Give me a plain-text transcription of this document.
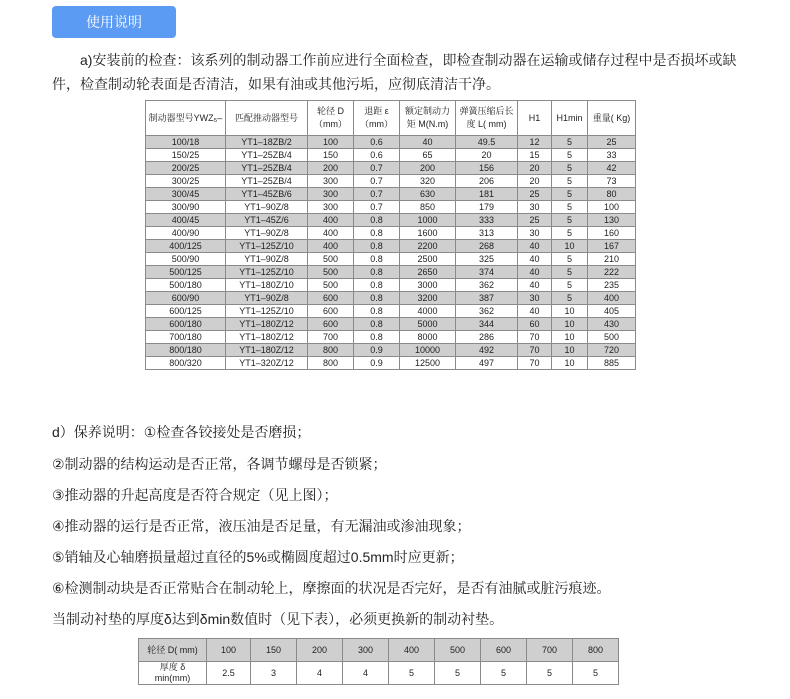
使用说明
a)安装前的检查：该系列的制动器工作前应进行全面检查，即检查制动器在运输或储存过程中是否损坏或缺件，检查制动轮表面是否清洁，如果有油或其他污垢，应彻底清洁干净。
制动器型号YWZ₅–	匹配推动器型号	轮径 D（mm）	退距 ε（mm）	额定制动力矩 M(N.m)	弹簧压缩后长度 L( mm)	H1	H1min	重量( Kg)
100/18	YT1–18ZB/2	100	0.6	40	49.5	12	5	25
150/25	YT1–25ZB/4	150	0.6	65	20	15	5	33
200/25	YT1–25ZB/4	200	0.7	200	156	20	5	42
300/25	YT1–25ZB/4	300	0.7	320	206	20	5	73
300/45	YT1–45ZB/6	300	0.7	630	181	25	5	80
300/90	YT1–90Z/8	300	0.7	850	179	30	5	100
400/45	YT1–45Z/6	400	0.8	1000	333	25	5	130
400/90	YT1–90Z/8	400	0.8	1600	313	30	5	160
400/125	YT1–125Z/10	400	0.8	2200	268	40	10	167
500/90	YT1–90Z/8	500	0.8	2500	325	40	5	210
500/125	YT1–125Z/10	500	0.8	2650	374	40	5	222
500/180	YT1–180Z/10	500	0.8	3000	362	40	5	235
600/90	YT1–90Z/8	600	0.8	3200	387	30	5	400
600/125	YT1–125Z/10	600	0.8	4000	362	40	10	405
600/180	YT1–180Z/12	600	0.8	5000	344	60	10	430
700/180	YT1–180Z/12	700	0.8	8000	286	70	10	500
800/180	YT1–180Z/12	800	0.9	10000	492	70	10	720
800/320	YT1–320Z/12	800	0.9	12500	497	70	10	885
d）保养说明：①检查各铰接处是否磨损；
②制动器的结构运动是否正常，各调节螺母是否锁紧；
③推动器的升起高度是否符合规定（见上图）；
④推动器的运行是否正常，液压油是否足量，有无漏油或渗油现象；
⑤销轴及心轴磨损量超过直径的5%或椭圆度超过0.5mm时应更新；
⑥检测制动块是否正常贴合在制动轮上，摩擦面的状况是否完好，是否有油腻或脏污痕迹。
当制动衬垫的厚度δ达到δmin数值时（见下表），必须更换新的制动衬垫。
轮径 D( mm)	100	150	200	300	400	500	600	700	800
厚度 δ min(mm)	2.5	3	4	4	5	5	5	5	5
